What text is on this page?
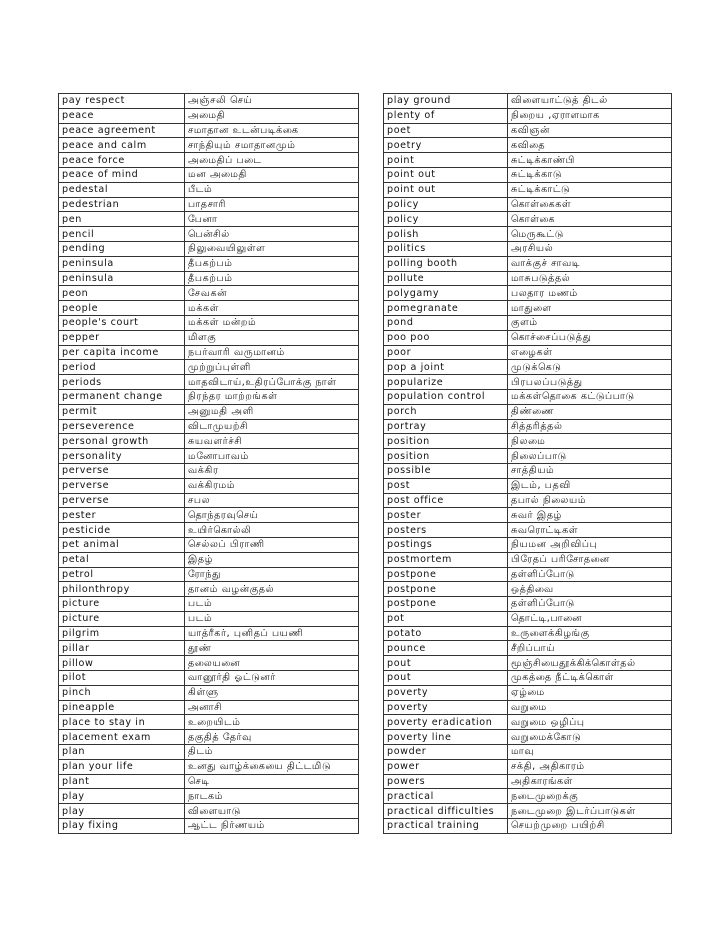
pay respect	அஞ்சலி செய்
peace	அமைதி
peace agreement	சமாதான உடன்படிக்கை
peace and calm	சாந்தியும் சமாதானமும்
peace force	அமைதிப் படை
peace of mind	மன அமைதி
pedestal	பீடம்
pedestrian	பாதசாரி
pen	பேனா
pencil	பென்சில்
pending	நிலுவையிலுள்ள
peninsula	தீபகற்பம்
peninsula	தீபகற்பம்
peon	சேவகன்
people	மக்கள்
people's court	மக்கள் மன்றம்
pepper	மிளகு
per capita income	நபர்வாரி வருமானம்
period	முற்றுப்புள்ளி
periods	மாதவிடாய்,உதிரப்போக்கு நாள்
permanent change	நிரந்தர மாற்றங்கள்
permit	அனுமதி அளி
perseverence	விடாமுயற்சி
personal growth	சுயவளர்ச்சி
personality	மனோபாவம்
perverse	வக்கிர
perverse	வக்கிரமம்
perverse	சபல
pester	தொந்தரவுசெய்
pesticide	உயிர்கொல்லி
pet animal	செல்லப் பிராணி
petal	இதழ்
petrol	ரோந்து
philonthropy	தானம் வழன்குதல்
picture	படம்
picture	படம்
pilgrim	யாத்ரீகர், புனிதப் பயணி
pillar	தூண்
pillow	தலையனை
pilot	வானூர்தி ஓட்டுனர்
pinch	கிள்ளு
pineapple	அனாசி
place to stay in	உறையிடம்
placement exam	தகுதித் தேர்வு
plan	திடம்
plan your life	உனது வாழ்க்கையை திட்டமிடு
plant	செடி
play	நாடகம்
play	விளையாடு
play fixing	ஆட்ட நிர்ணயம்
play ground	விளையாட்டுத் திடல்
plenty of	நிறைய ,ஏராளமாக
poet	கவிஞன்
poetry	கவிதை
point	சுட்டிக்காண்பி
point out	சுட்டிக்காடு
point out	சுட்டிக்காட்டு
policy	கொள்கைகள்
policy	கொள்கை
polish	மெருகூட்டு
politics	அரசியல்
polling booth	வாக்குச் சாவடி
pollute	மாசுபடுத்தல்
polygamy	பலதார மணம்
pomegranate	மாதுளை
pond	குளம்
poo poo	கொச்சைப்படுத்து
poor	எழைகள்
pop a joint	முடுக்கெடு
popularize	பிரபலப்படுத்து
population control	மக்கள்தொகை கட்டுப்பாடு
porch	திண்ணை
portray	சித்தரித்தல்
position	நிலமை
position	நிலைப்பாடு
possible	சாத்தியம்
post	இடம், பதவி
post office	தபால் நிலையம்
poster	சுவர் இதழ்
posters	சுவரொட்டிகள்
postings	நியமன அறிவிப்பு
postmortem	பிரேதப் பரிசோதனை
postpone	தள்ளிப்போடு
postpone	ஒத்திவை
postpone	தள்ளிப்போடு
pot	தொட்டி,பானை
potato	உருளைக்கிழங்கு
pounce	சீறிப்பாய்
pout	மூஞ்சியைதூக்கிக்கொள்தல்
pout	முகத்தை நீட்டிக்கொள்
poverty	ஏழ்மை
poverty	வறுமை
poverty eradication	வறுமை ஒழிப்பு
poverty line	வறுமைக்கோடு
powder	மாவு
power	சக்தி, அதிகாரம்
powers	அதிகாரங்கள்
practical	நடைமுறைக்கு
practical difficulties	நடைமுறை இடர்ப்பாடுகள்
practical training	செயற்முறை பயிற்சி
